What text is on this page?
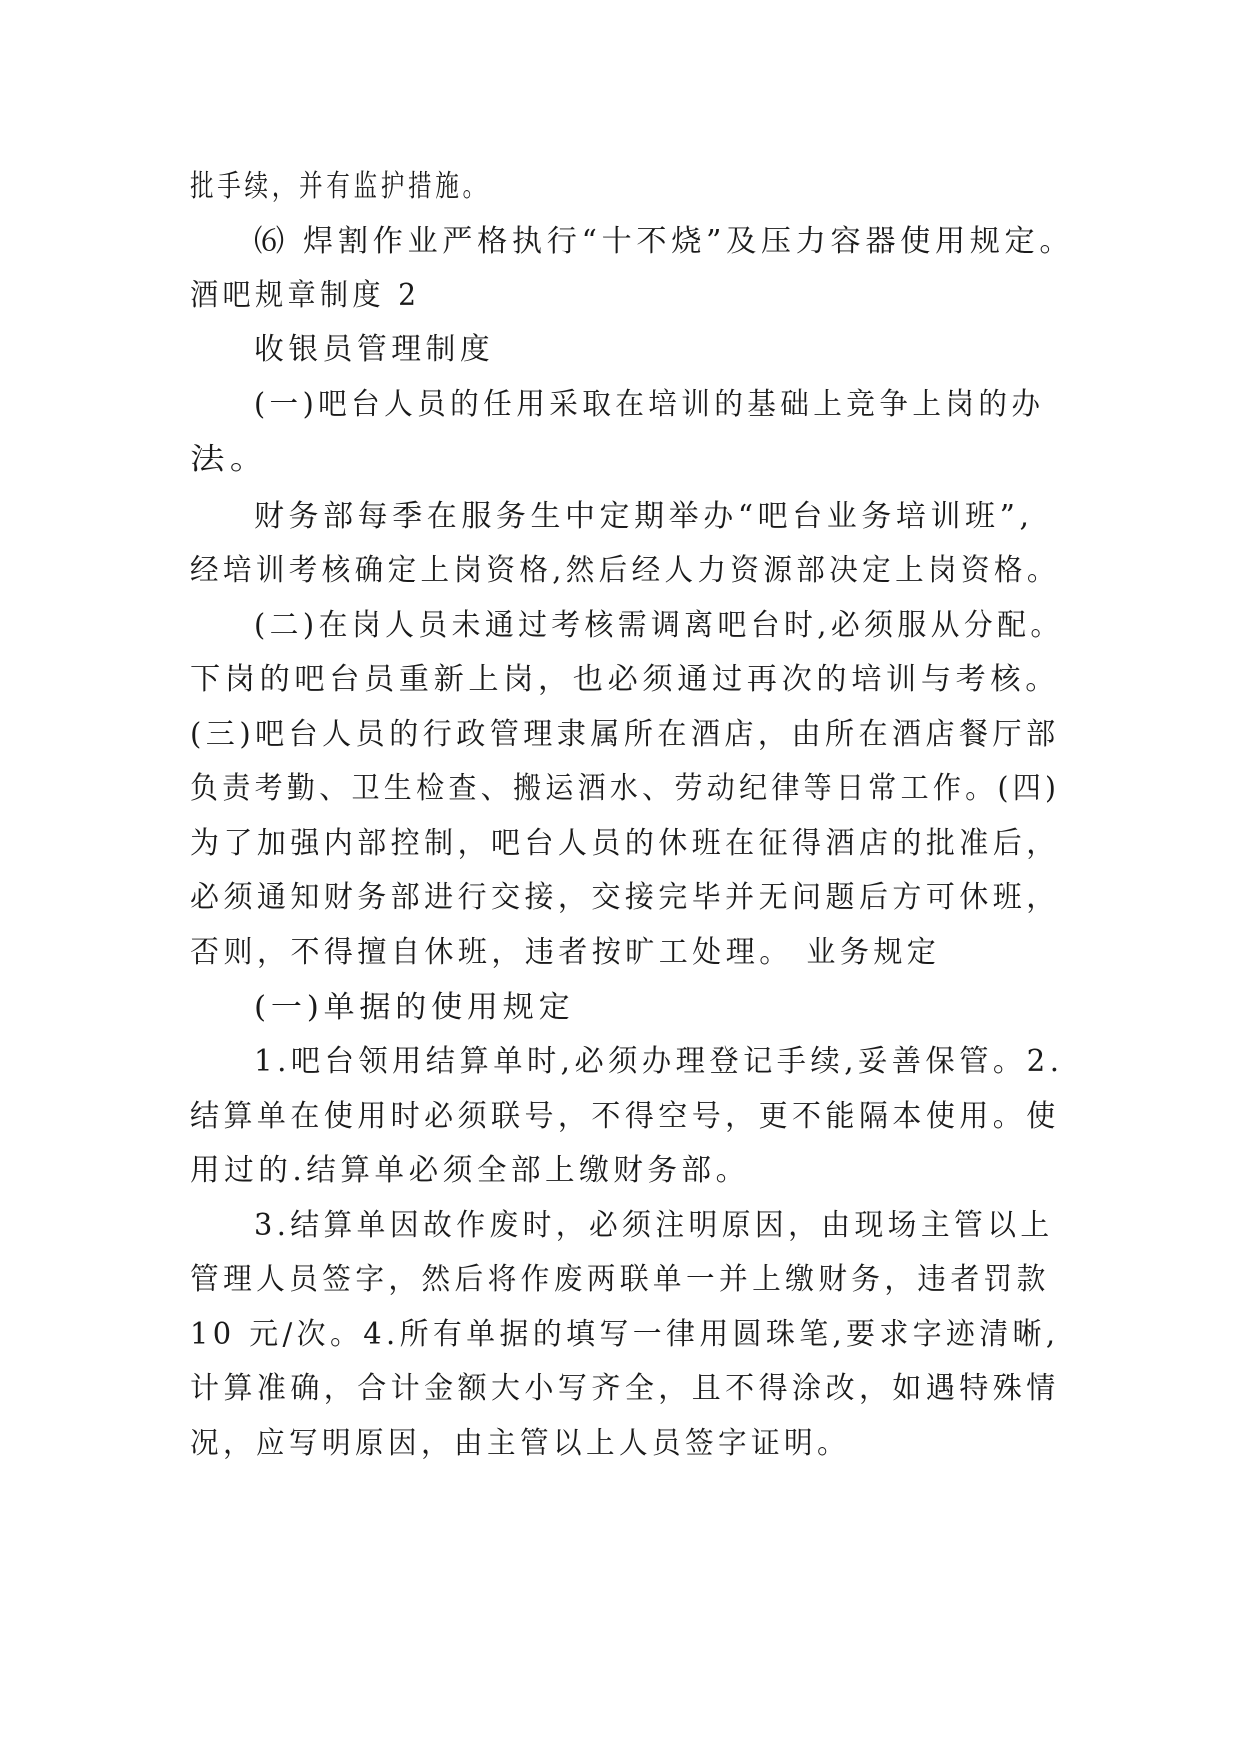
批手续，并有监护措施。
⑹ 焊割作业严格执行“十不烧”及压力容器使用规定。
酒吧规章制度 2
收银员管理制度
(一)吧台人员的任用采取在培训的基础上竞争上岗的办
法。
财务部每季在服务生中定期举办“吧台业务培训班”,
经培训考核确定上岗资格,然后经人力资源部决定上岗资格。
(二)在岗人员未通过考核需调离吧台时,必须服从分配。
下岗的吧台员重新上岗，也必须通过再次的培训与考核。
(三)吧台人员的行政管理隶属所在酒店，由所在酒店餐厅部
负责考勤、卫生检查、搬运酒水、劳动纪律等日常工作。(四)
为了加强内部控制，吧台人员的休班在征得酒店的批准后，
必须通知财务部进行交接，交接完毕并无问题后方可休班，
否则，不得擅自休班，违者按旷工处理。 业务规定
(一)单据的使用规定
1.吧台领用结算单时,必须办理登记手续,妥善保管。2.
结算单在使用时必须联号，不得空号，更不能隔本使用。使
用过的.结算单必须全部上缴财务部。
3.结算单因故作废时，必须注明原因，由现场主管以上
管理人员签字，然后将作废两联单一并上缴财务，违者罚款
10 元/次。4.所有单据的填写一律用圆珠笔,要求字迹清晰,
计算准确，合计金额大小写齐全，且不得涂改，如遇特殊情
况，应写明原因，由主管以上人员签字证明。
